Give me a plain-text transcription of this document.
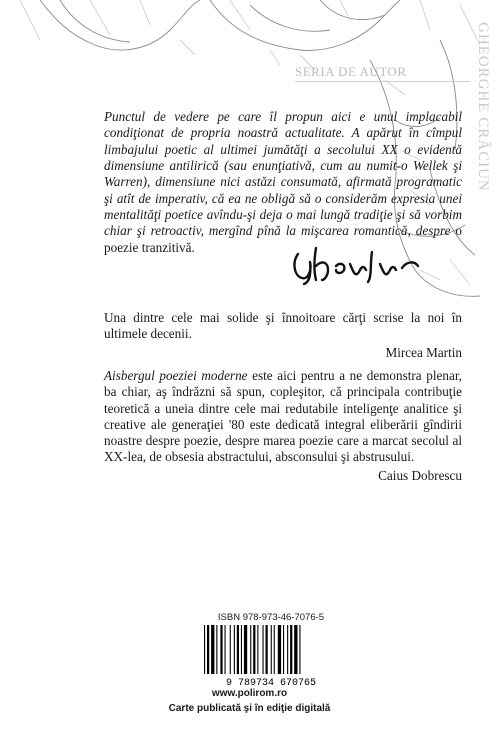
SERIA DE AUTOR	GHEORGHE CRĂCIUN

Punctul de vedere pe care îl propun aici e unul implacabil condiţionat de propria noastră actualitate. A apărut în cîmpul limbajului poetic al ultimei jumătăţi a secolului XX o evidentă dimensiune antilirică (sau enunţiativă, cum au numit-o Wellek şi Warren), dimensiune nici astăzi consumată, afirmată programatic şi atît de imperativ, că ea ne obligă să o considerăm expresia unei mentalităţi poetice avîndu-şi deja o mai lungă tradiţie şi să vorbim chiar şi retroactiv, mergînd pînă la mişcarea romantică, despre o poezie tranzitivă.

Una dintre cele mai solide şi înnoitoare cărţi scrise la noi în ultimele decenii.
Mircea Martin
Aisbergul poeziei moderne este aici pentru a ne demonstra plenar, ba chiar, aş îndrăzni să spun, copleşitor, că principala contribuţie teoretică a uneia dintre cele mai redutabile inteligenţe analitice şi creative ale generaţiei '80 este dedicată integral eliberării gîndirii noastre despre poezie, despre marea poezie care a marcat secolul al XX-lea, de obsesia abstractului, absconsului şi abstrusului.
Caius Dobrescu
ISBN 978-973-46-7076-5
9 789734 670765
www.polirom.ro
Carte publicată şi în ediţie digitală
